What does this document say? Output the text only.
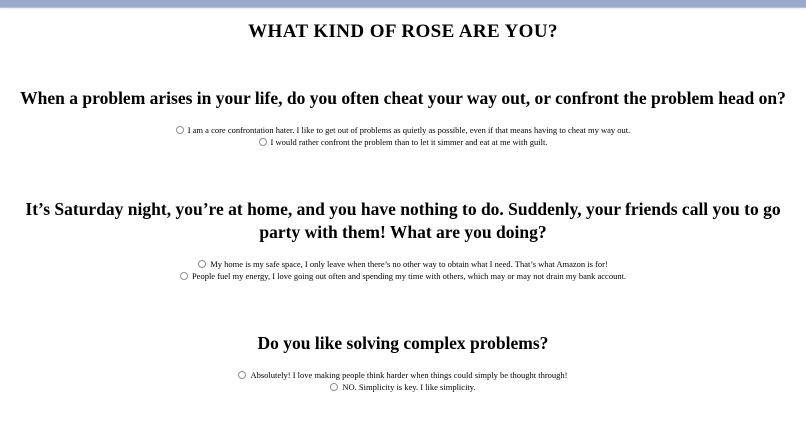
WHAT KIND OF ROSE ARE YOU?
When a problem arises in your life, do you often cheat your way out, or confront the problem head on?
I am a core confrontation hater. I like to get out of problems as quietly as possible, even if that means having to cheat my way out.
I would rather confront the problem than to let it simmer and eat at me with guilt.
It’s Saturday night, you’re at home, and you have nothing to do. Suddenly, your friends call you to go party with them! What are you doing?
My home is my safe space, I only leave when there’s no other way to obtain what I need. That’s what Amazon is for!
People fuel my energy, I love going out often and spending my time with others, which may or may not drain my bank account.
Do you like solving complex problems?
Absolutely! I love making people think harder when things could simply be thought through!
NO. Simplicity is key. I like simplicity.
